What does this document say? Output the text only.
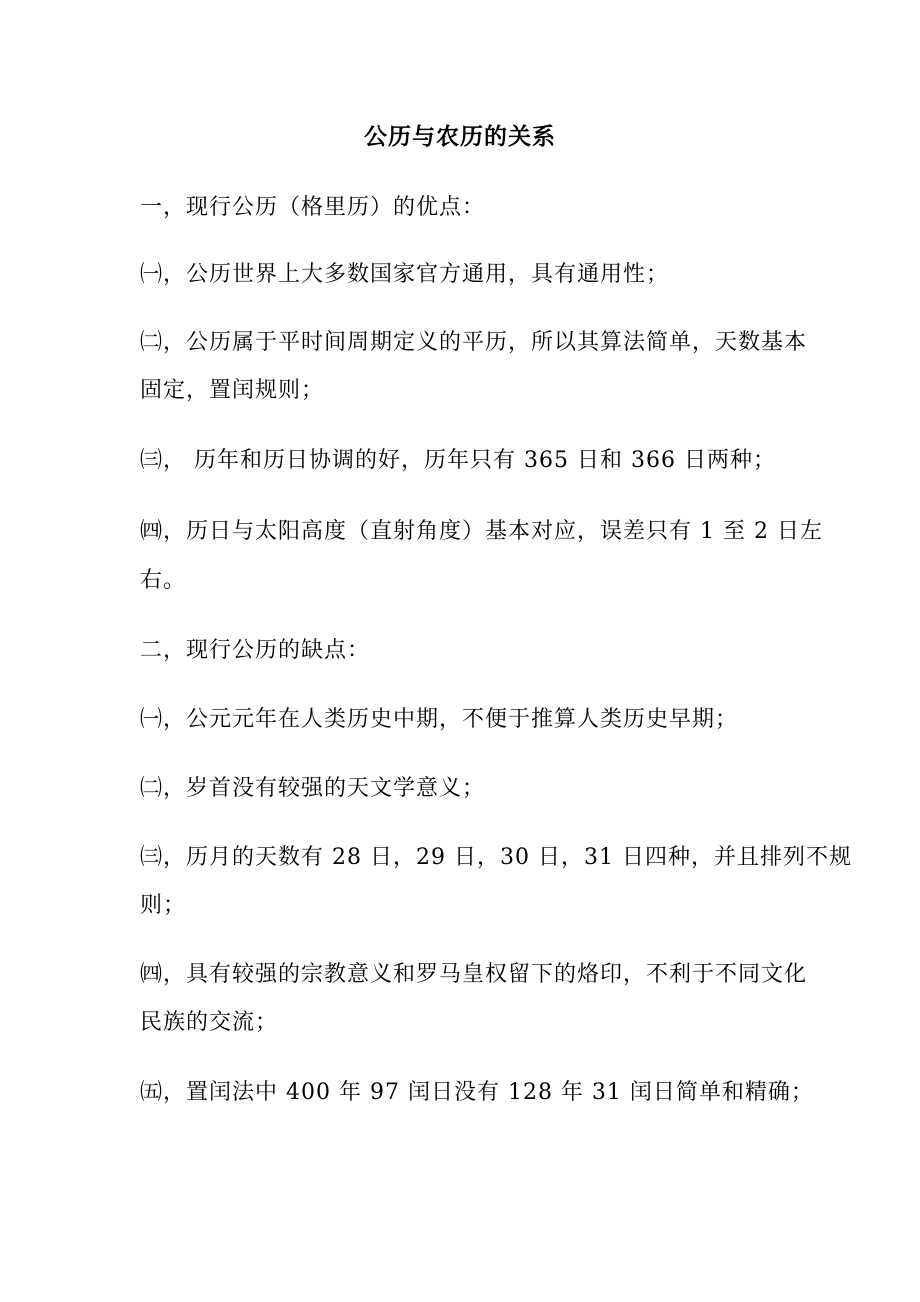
公历与农历的关系

一，现行公历（格里历）的优点：

㈠，公历世界上大多数国家官方通用，具有通用性；

㈡，公历属于平时间周期定义的平历，所以其算法简单，天数基本

固定，置闰规则；

㈢， 历年和历日协调的好，历年只有 365 日和 366 日两种；

㈣，历日与太阳高度（直射角度）基本对应，误差只有 1 至 2 日左

右。

二，现行公历的缺点：

㈠，公元元年在人类历史中期，不便于推算人类历史早期；

㈡，岁首没有较强的天文学意义；

㈢，历月的天数有 28 日，29 日，30 日，31 日四种，并且排列不规

则；

㈣，具有较强的宗教意义和罗马皇权留下的烙印，不利于不同文化

民族的交流；

㈤，置闰法中 400 年 97 闰日没有 128 年 31 闰日简单和精确；
